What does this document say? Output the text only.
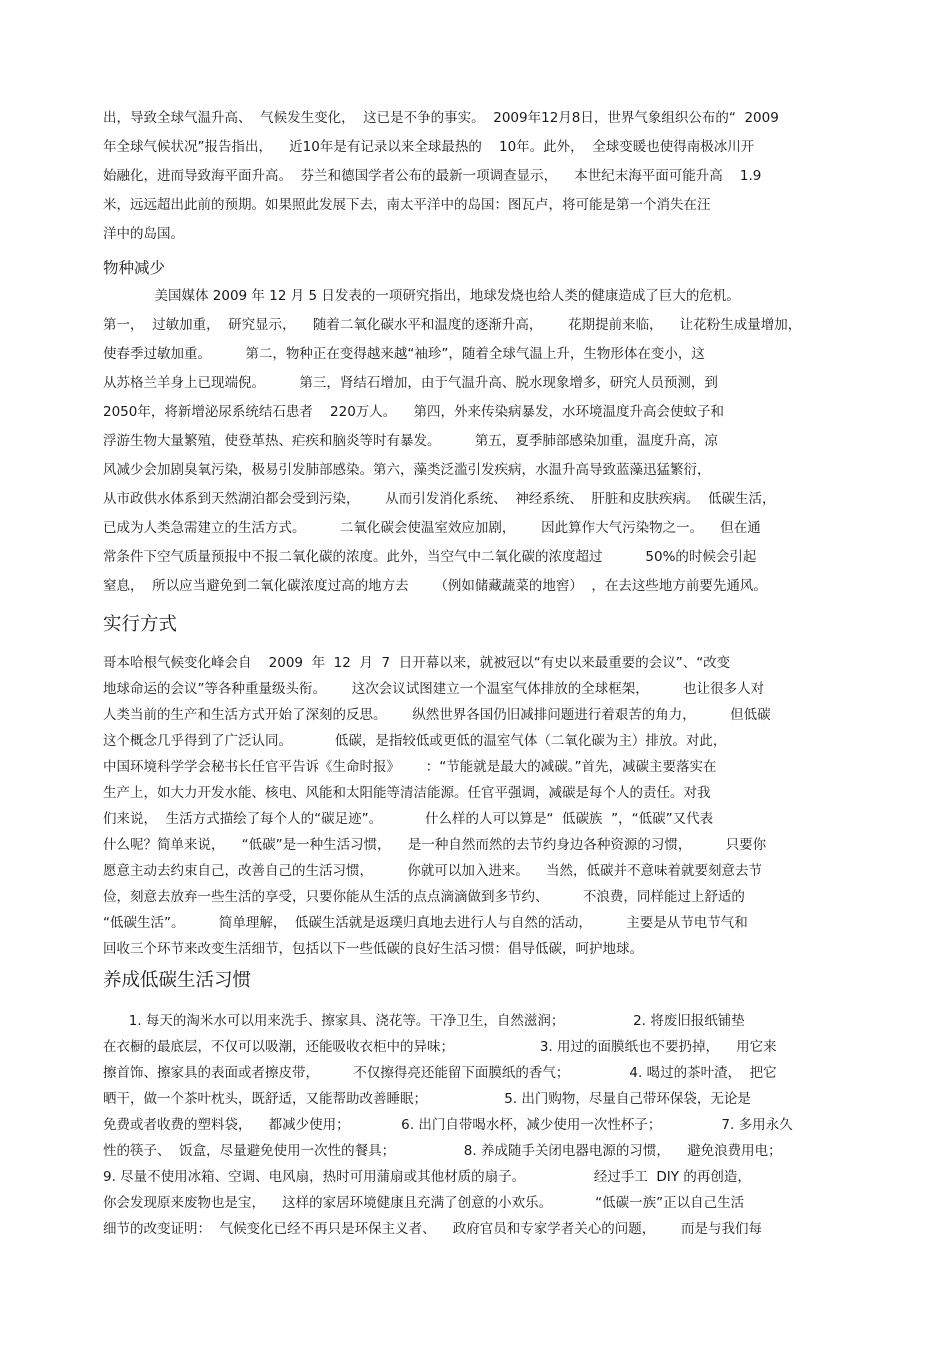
出，导致全球气温升高、  气候发生变化，  这已是不争的事实。  2009年12月8日，世界气象组织公布的“  2009
年全球气候状况”报告指出，    近10年是有记录以来全球最热的    10年。此外，  全球变暖也使得南极冰川开
始融化，进而导致海平面升高。  芬兰和德国学者公布的最新一项调查显示，    本世纪末海平面可能升高    1.9
米，远远超出此前的预期。如果照此发展下去，南太平洋中的岛国：图瓦卢，将可能是第一个消失在汪
洋中的岛国。
物种减少
美国媒体 2009 年 12 月 5 日发表的一项研究指出，地球发烧也给人类的健康造成了巨大的危机。
第一，  过敏加重，  研究显示，    随着二氧化碳水平和温度的逐渐升高，      花期提前来临，    让花粉生成量增加，
使春季过敏加重。        第二，物种正在变得越来越“袖珍”，随着全球气温上升，生物形体在变小，这
从苏格兰羊身上已现端倪。        第三，肾结石增加，由于气温升高、脱水现象增多，研究人员预测，到
2050年，将新增泌尿系统结石患者    220万人。    第四，外来传染病暴发，水环境温度升高会使蚊子和
浮游生物大量繁殖，使登革热、疟疾和脑炎等时有暴发。        第五，夏季肺部感染加重，温度升高，凉
风减少会加剧臭氧污染，极易引发肺部感染。第六，藻类泛滥引发疾病，水温升高导致蓝藻迅猛繁衍，
从市政供水体系到天然湖泊都会受到污染，      从而引发消化系统、  神经系统、  肝脏和皮肤疾病。  低碳生活，
已成为人类急需建立的生活方式。        二氧化碳会使温室效应加剧，      因此算作大气污染物之一。    但在通
常条件下空气质量预报中不报二氧化碳的浓度。此外，当空气中二氧化碳的浓度超过          50%的时候会引起
窒息，  所以应当避免到二氧化碳浓度过高的地方去      （例如储藏蔬菜的地窖）  ，在去这些地方前要先通风。
实行方式
哥本哈根气候变化峰会自    2009  年  12  月  7  日开幕以来，就被冠以“有史以来最重要的会议”、“改变
地球命运的会议”等各种重量级头衔。      这次会议试图建立一个温室气体排放的全球框架，        也让很多人对
人类当前的生产和生活方式开始了深刻的反思。      纵然世界各国仍旧减排问题进行着艰苦的角力，        但低碳
这个概念几乎得到了广泛认同。          低碳，是指较低或更低的温室气体（二氧化碳为主）排放。对此，
中国环境科学学会秘书长任官平告诉《生命时报》      ：“节能就是最大的减碳。”首先，减碳主要落实在
生产上，如大力开发水能、核电、风能和太阳能等清洁能源。任官平强调，减碳是每个人的责任。对我
们来说，  生活方式描绘了每个人的“碳足迹”。          什么样的人可以算是“  低碳族  ”，“低碳”又代表
什么呢？简单来说，    “低碳”是一种生活习惯，    是一种自然而然的去节约身边各种资源的习惯，        只要你
愿意主动去约束自己，改善自己的生活习惯，        你就可以加入进来。    当然，低碳并不意味着就要刻意去节
俭，刻意去放弃一些生活的享受，只要你能从生活的点点滴滴做到多节约、        不浪费，同样能过上舒适的
“低碳生活”。        简单理解，  低碳生活就是返璞归真地去进行人与自然的活动，        主要是从节电节气和
回收三个环节来改变生活细节，包括以下一些低碳的良好生活习惯：倡导低碳，呵护地球。
养成低碳生活习惯
1. 每天的淘米水可以用来洗手、擦家具、浇花等。干净卫生，自然滋润；                2. 将废旧报纸铺垫
在衣橱的最底层，不仅可以吸潮，还能吸收衣柜中的异味；                    3. 用过的面膜纸也不要扔掉，    用它来
擦首饰、擦家具的表面或者擦皮带，        不仅擦得亮还能留下面膜纸的香气；              4. 喝过的茶叶渣，  把它
晒干，做一个茶叶枕头，既舒适，又能帮助改善睡眠；                  5. 出门购物，尽量自己带环保袋，无论是
免费或者收费的塑料袋，    都减少使用；            6. 出门自带喝水杯，减少使用一次性杯子；              7. 多用永久
性的筷子、  饭盒，尽量避免使用一次性的餐具；                8. 养成随手关闭电器电源的习惯，    避免浪费用电；
9. 尽量不使用冰箱、空调、电风扇，热时可用蒲扇或其他材质的扇子。                经过手工  DIY 的再创造，
你会发现原来废物也是宝，    这样的家居环境健康且充满了创意的小欢乐。          “低碳一族”正以自己生活
细节的改变证明：  气候变化已经不再只是环保主义者、    政府官员和专家学者关心的问题，      而是与我们每
